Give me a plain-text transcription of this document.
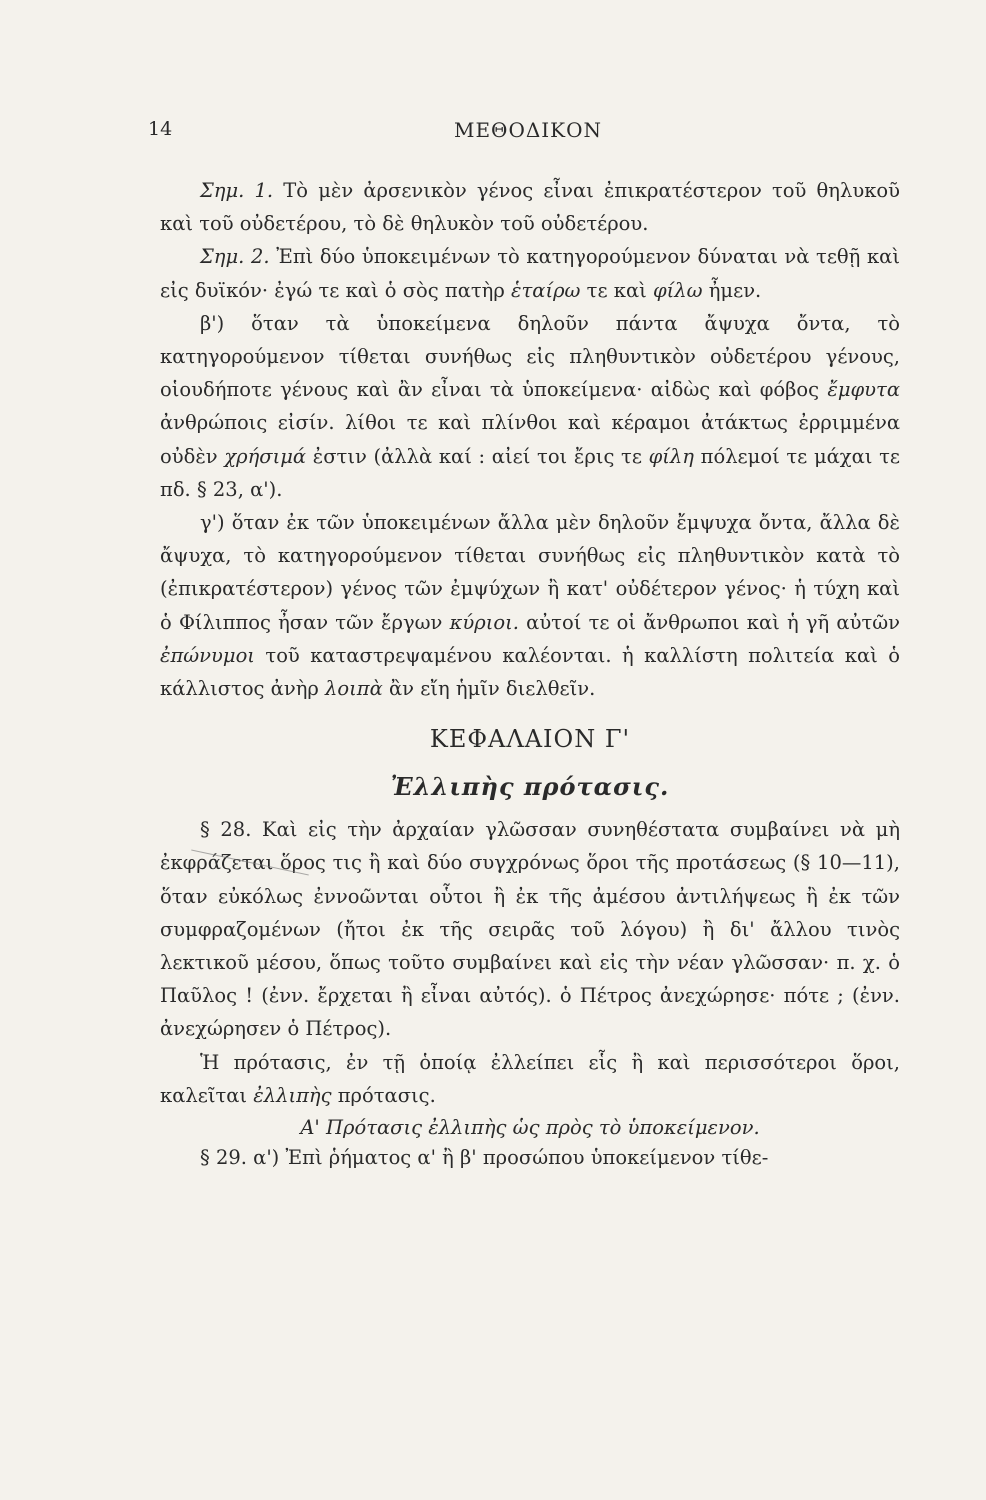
14	ΜΕΘΟΔΙΚΟΝ

Σημ. 1. Τὸ μὲν ἀρσενικὸν γένος εἶναι ἐπικρατέστερον τοῦ θηλυκοῦ καὶ τοῦ οὐδετέρου, τὸ δὲ θηλυκὸν τοῦ οὐδετέρου.

Σημ. 2. Ἐπὶ δύο ὑποκειμένων τὸ κατηγορούμενον δύναται νὰ τεθῇ καὶ εἰς δυϊκόν· ἐγώ τε καὶ ὁ σὸς πατὴρ ἑταίρω τε καὶ φίλω ἦμεν.

β') ὅταν τὰ ὑποκείμενα δηλοῦν πάντα ἄψυχα ὄντα, τὸ κατηγορούμενον τίθεται συνήθως εἰς πληθυντικὸν οὐδετέρου γένους, οἱουδήποτε γένους καὶ ἂν εἶναι τὰ ὑποκείμενα· αἰδὼς καὶ φόβος ἔμφυτα ἀνθρώποις εἰσίν. λίθοι τε καὶ πλίνθοι καὶ κέραμοι ἀτάκτως ἐρριμμένα οὐδὲν χρήσιμά ἐστιν (ἀλλὰ καί : αἰεί τοι ἔρις τε φίλη πόλεμοί τε μάχαι τε πδ. § 23, α').

γ') ὅταν ἐκ τῶν ὑποκειμένων ἄλλα μὲν δηλοῦν ἔμψυχα ὄντα, ἄλλα δὲ ἄψυχα, τὸ κατηγορούμενον τίθεται συνήθως εἰς πληθυντικὸν κατὰ τὸ (ἐπικρατέστερον) γένος τῶν ἐμψύχων ἢ κατ' οὐδέτερον γένος· ἡ τύχη καὶ ὁ Φίλιππος ἦσαν τῶν ἔργων κύριοι. αὐτοί τε οἱ ἄνθρωποι καὶ ἡ γῆ αὐτῶν ἐπώνυμοι τοῦ καταστρεψαμένου καλέονται. ἡ καλλίστη πολιτεία καὶ ὁ κάλλιστος ἀνὴρ λοιπὰ ἂν εἴη ἡμῖν διελθεῖν.

ΚΕΦΑΛΑΙΟΝ Γ'
Ἐλλιπὴς πρότασις.

§ 28. Καὶ εἰς τὴν ἀρχαίαν γλῶσσαν συνηθέστατα συμβαίνει νὰ μὴ ἐκφράζεται ὅρος τις ἢ καὶ δύο συγχρόνως ὅροι τῆς προτάσεως (§ 10—11), ὅταν εὐκόλως ἐννοῶνται οὗτοι ἢ ἐκ τῆς ἀμέσου ἀντιλήψεως ἢ ἐκ τῶν συμφραζομένων (ἤτοι ἐκ τῆς σειρᾶς τοῦ λόγου) ἢ δι' ἄλλου τινὸς λεκτικοῦ μέσου, ὅπως τοῦτο συμβαίνει καὶ εἰς τὴν νέαν γλῶσσαν· π. χ. ὁ Παῦλος ! (ἐνν. ἔρχεται ἢ εἶναι αὐτός). ὁ Πέτρος ἀνεχώρησε· πότε ; (ἐνν. ἀνεχώρησεν ὁ Πέτρος).

Ἡ πρότασις, ἐν τῇ ὁποίᾳ ἐλλείπει εἷς ἢ καὶ περισσότεροι ὅροι, καλεῖται ἐλλιπὴς πρότασις.

Α' Πρότασις ἐλλιπὴς ὡς πρὸς τὸ ὑποκείμενον.

§ 29. α') Ἐπὶ ῥήματος α' ἢ β' προσώπου ὑποκείμενον τίθε-
